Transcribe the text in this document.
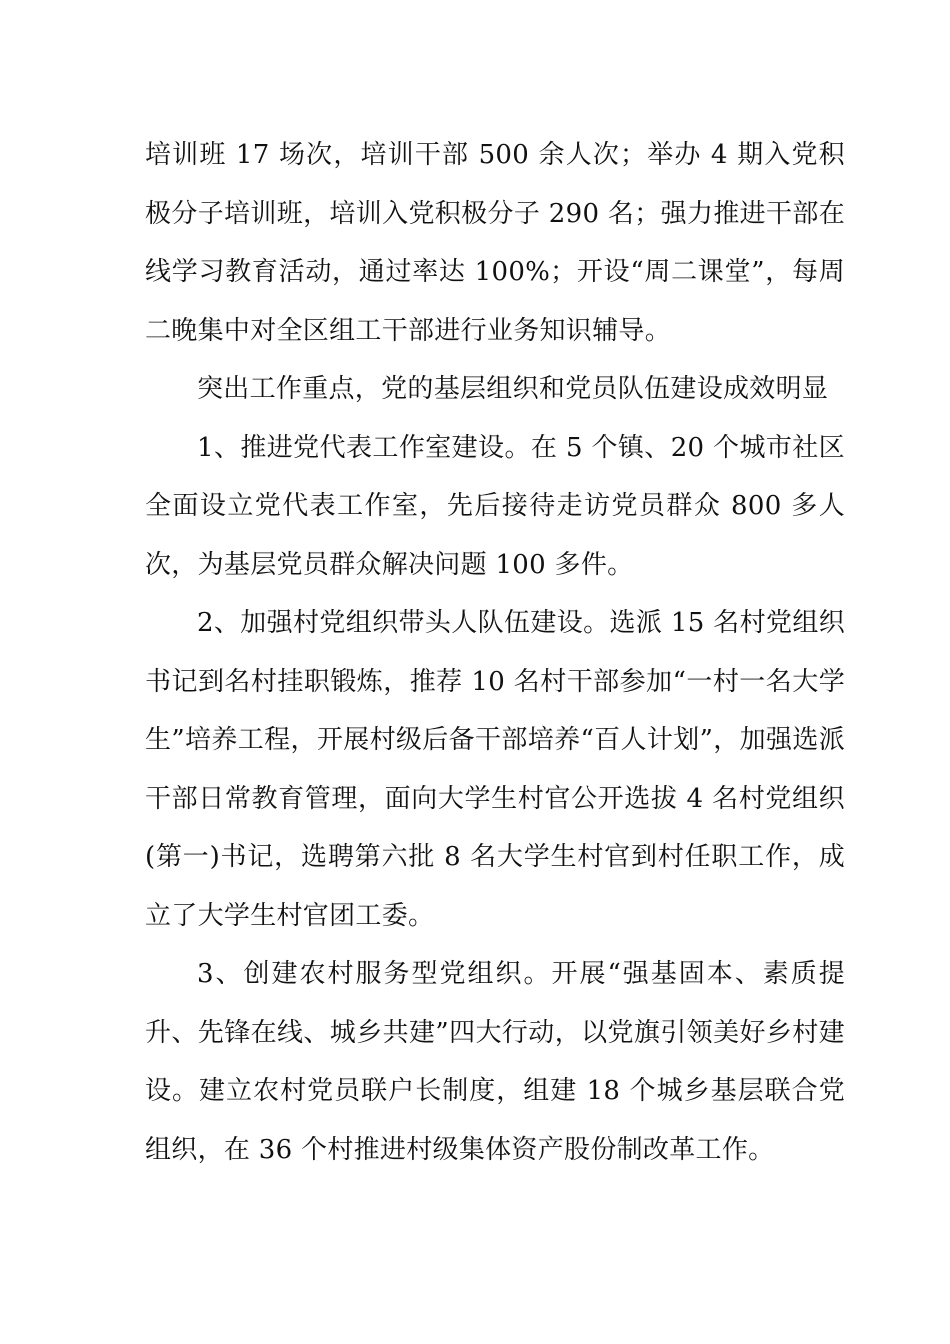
培训班 17 场次，培训干部 500 余人次；举办 4 期入党积极分子培训班，培训入党积极分子 290 名；强力推进干部在线学习教育活动，通过率达 100%；开设“周二课堂”，每周二晚集中对全区组工干部进行业务知识辅导。

突出工作重点，党的基层组织和党员队伍建设成效明显

1、推进党代表工作室建设。在 5 个镇、20 个城市社区全面设立党代表工作室，先后接待走访党员群众 800 多人次，为基层党员群众解决问题 100 多件。

2、加强村党组织带头人队伍建设。选派 15 名村党组织书记到名村挂职锻炼，推荐 10 名村干部参加“一村一名大学生”培养工程，开展村级后备干部培养“百人计划”，加强选派干部日常教育管理，面向大学生村官公开选拔 4 名村党组织(第一)书记，选聘第六批 8 名大学生村官到村任职工作，成立了大学生村官团工委。

3、创建农村服务型党组织。开展“强基固本、素质提升、先锋在线、城乡共建”四大行动，以党旗引领美好乡村建设。建立农村党员联户长制度，组建 18 个城乡基层联合党组织，在 36 个村推进村级集体资产股份制改革工作。
